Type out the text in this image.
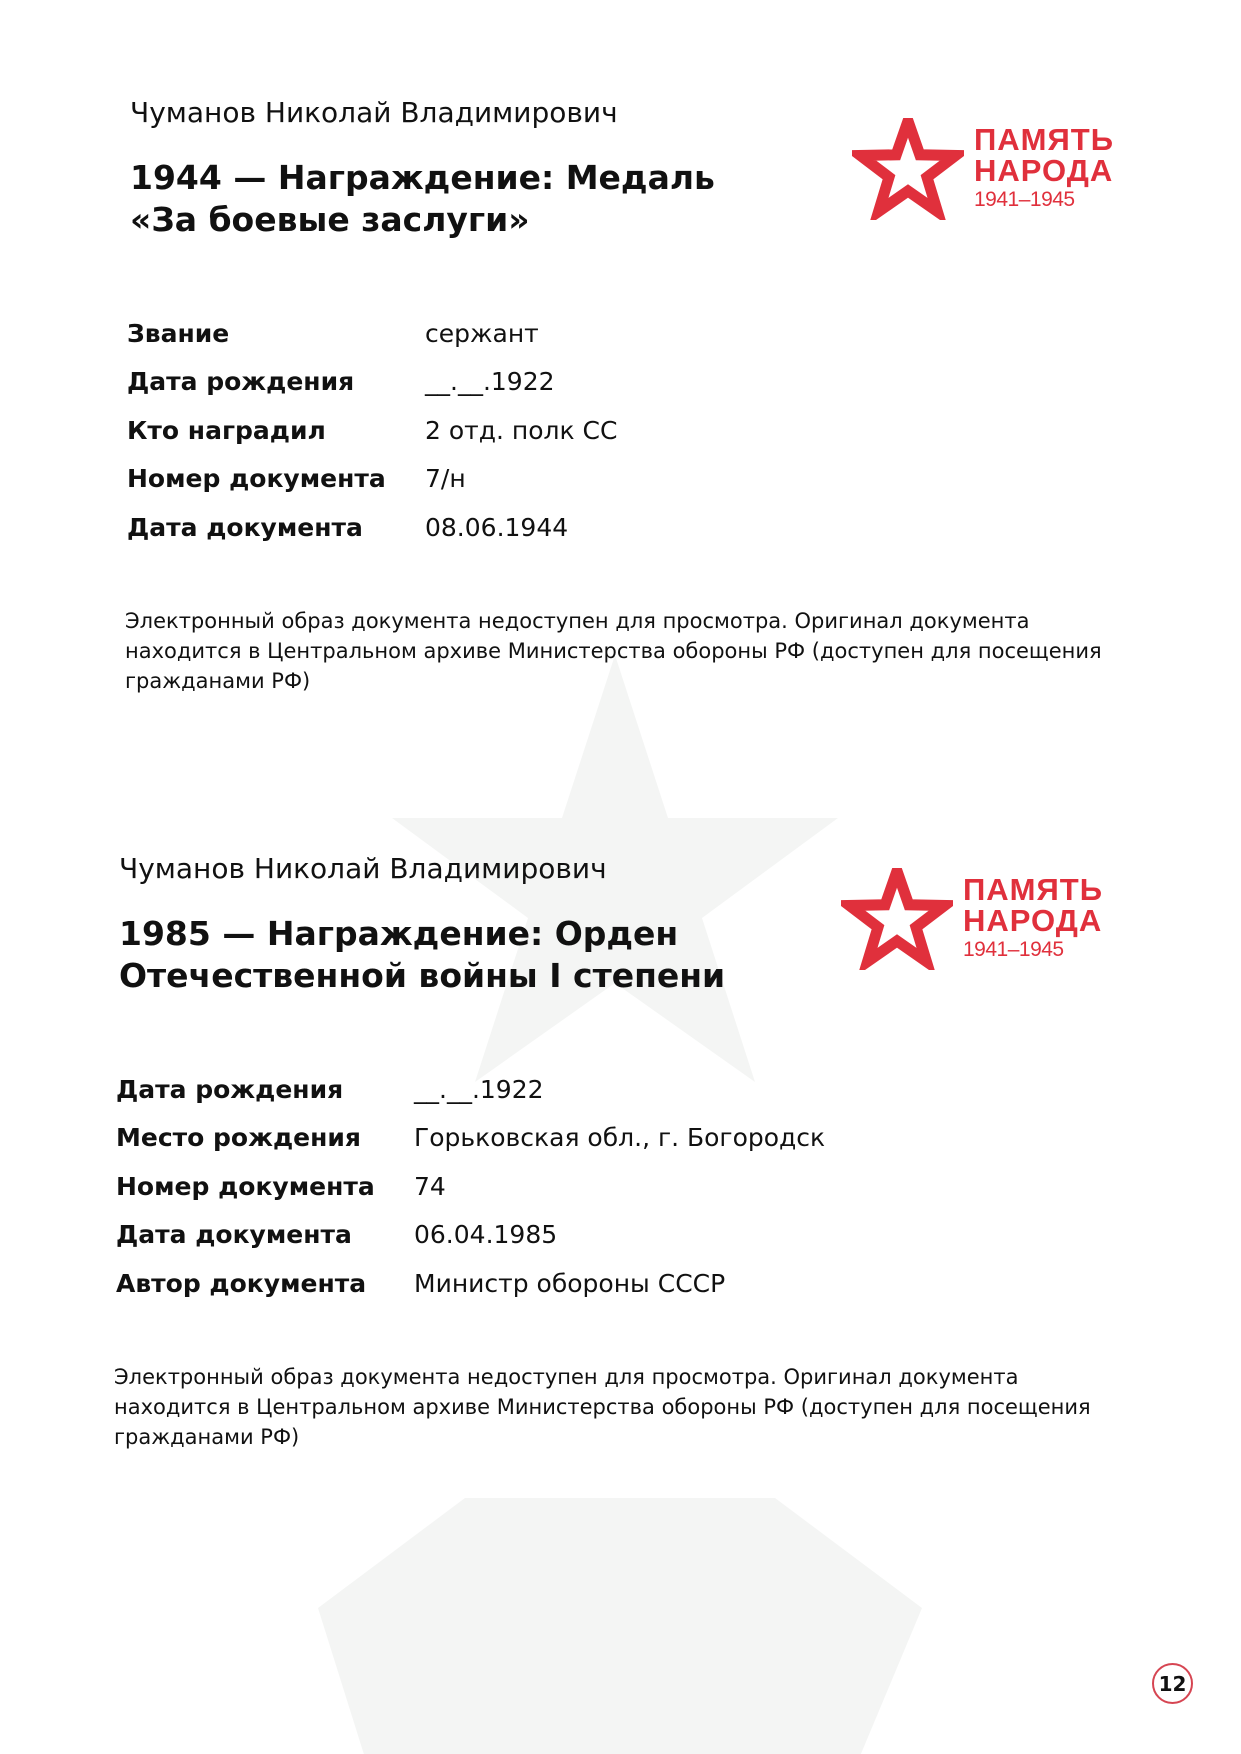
Чуманов Николай Владимирович
1944 — Награждение: Медаль «За боевые заслуги»
Звание	сержант
Дата рождения	__.__.1922
Кто наградил	2 отд. полк СС
Номер документа	7/н
Дата документа	08.06.1944

Электронный образ документа недоступен для просмотра. Оригинал документа находится в Центральном архиве Министерства обороны РФ (доступен для посещения гражданами РФ)

ПАМЯТЬ
НАРОДА
1941–1945
Чуманов Николай Владимирович
1985 — Награждение: Орден Отечественной войны I степени
Дата рождения	__.__.1922
Место рождения	Горьковская обл., г. Богородск
Номер документа	74
Дата документа	06.04.1985
Автор документа	Министр обороны СССР

Электронный образ документа недоступен для просмотра. Оригинал документа находится в Центральном архиве Министерства обороны РФ (доступен для посещения гражданами РФ)

ПАМЯТЬ
НАРОДА
1941–1945
12
